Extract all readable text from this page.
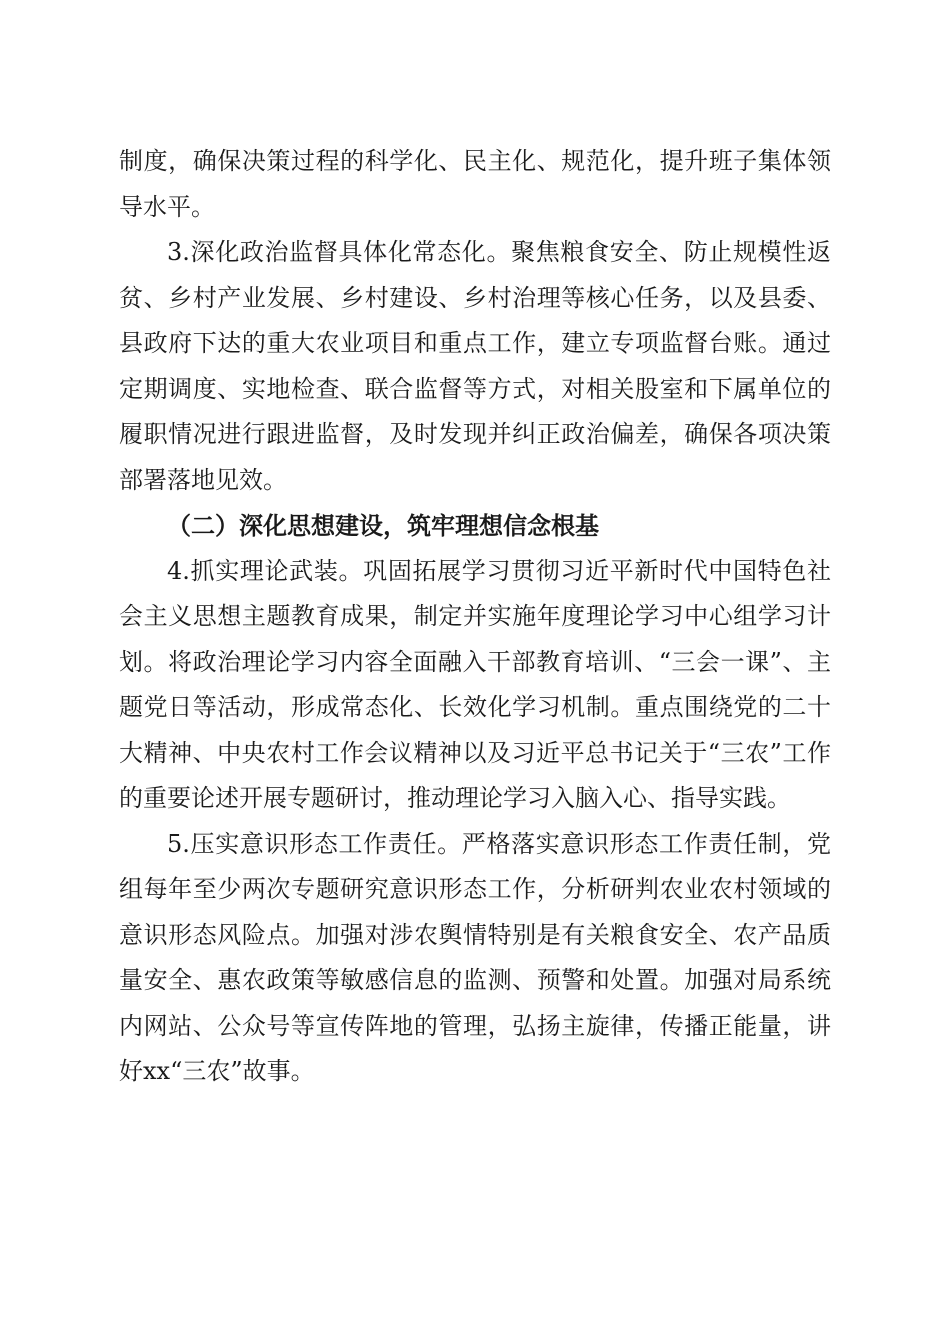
制度，确保决策过程的科学化、民主化、规范化，提升班子集体领导水平。

3.深化政治监督具体化常态化。聚焦粮食安全、防止规模性返贫、乡村产业发展、乡村建设、乡村治理等核心任务，以及县委、县政府下达的重大农业项目和重点工作，建立专项监督台账。通过定期调度、实地检查、联合监督等方式，对相关股室和下属单位的履职情况进行跟进监督，及时发现并纠正政治偏差，确保各项决策部署落地见效。

（二）深化思想建设，筑牢理想信念根基

4.抓实理论武装。巩固拓展学习贯彻习近平新时代中国特色社会主义思想主题教育成果，制定并实施年度理论学习中心组学习计划。将政治理论学习内容全面融入干部教育培训、“三会一课”、主题党日等活动，形成常态化、长效化学习机制。重点围绕党的二十大精神、中央农村工作会议精神以及习近平总书记关于“三农”工作的重要论述开展专题研讨，推动理论学习入脑入心、指导实践。

5.压实意识形态工作责任。严格落实意识形态工作责任制，党组每年至少两次专题研究意识形态工作，分析研判农业农村领域的意识形态风险点。加强对涉农舆情特别是有关粮食安全、农产品质量安全、惠农政策等敏感信息的监测、预警和处置。加强对局系统内网站、公众号等宣传阵地的管理，弘扬主旋律，传播正能量，讲好xx“三农”故事。
